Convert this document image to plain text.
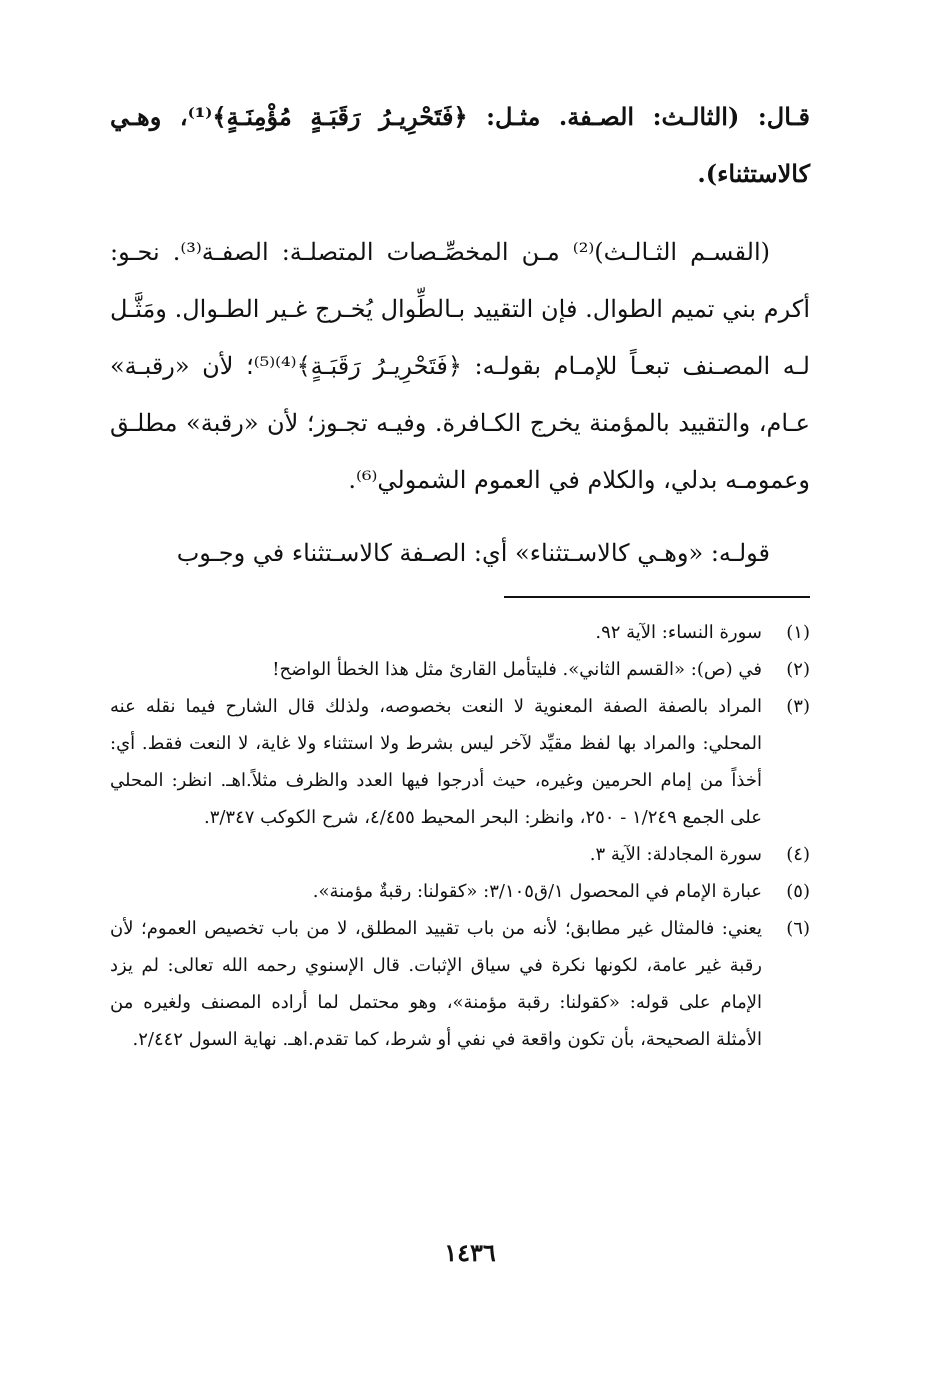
قـال: (الثالـث: الصـفة. مثـل: ﴿فَتَحْرِيـرُ رَقَبَـةٍ مُؤْمِنَـةٍ﴾⁽¹⁾، وهـي كالاستثناء).

(القسـم الثـالـث)⁽²⁾ مـن المخصِّـصات المتصلـة: الصفـة⁽³⁾. نحـو: أكرم بني تميم الطوال. فإن التقييد بـالطِّوال يُخـرج غـير الطـوال. ومَثَّـل لـه المصـنف تبعـاً للإمـام بقولـه: ﴿فَتَحْرِيـرُ رَقَبَـةٍ﴾⁽⁴⁾⁽⁵⁾؛ لأن «رقبـة» عـام، والتقييد بالمؤمنة يخرج الكـافرة. وفيـه تجـوز؛ لأن «رقبة» مطلـق وعمومـه بدلي، والكلام في العموم الشمولي⁽⁶⁾.

قولـه: «وهـي كالاسـتثناء» أي: الصـفة كالاسـتثناء في وجـوب

(١)
سورة النساء: الآية ٩٢.
(٢)
في (ص): «القسم الثاني». فليتأمل القارئ مثل هذا الخطأ الواضح!
(٣)
المراد بالصفة الصفة المعنوية لا النعت بخصوصه، ولذلك قال الشارح فيما نقله عنه المحلي: والمراد بها لفظ مقيِّد لآخر ليس بشرط ولا استثناء ولا غاية، لا النعت فقط. أي: أخذاً من إمام الحرمين وغيره، حيث أدرجوا فيها العدد والظرف مثلاً.اهـ. انظر: المحلي على الجمع ١/٢٤٩ - ٢٥٠، وانظر: البحر المحيط ٤/٤٥٥، شرح الكوكب ٣/٣٤٧.
(٤)
سورة المجادلة: الآية ٣.
(٥)
عبارة الإمام في المحصول ١/ق٣/١٠٥: «كقولنا: رقبةٌ مؤمنة».
(٦)
يعني: فالمثال غير مطابق؛ لأنه من باب تقييد المطلق، لا من باب تخصيص العموم؛ لأن رقبة غير عامة، لكونها نكرة في سياق الإثبات. قال الإسنوي رحمه الله تعالى: لم يزد الإمام على قوله: «كقولنا: رقبة مؤمنة»، وهو محتمل لما أراده المصنف ولغيره من الأمثلة الصحيحة، بأن تكون واقعة في نفي أو شرط، كما تقدم.اهـ. نهاية السول ٢/٤٤٢.
١٤٣٦
